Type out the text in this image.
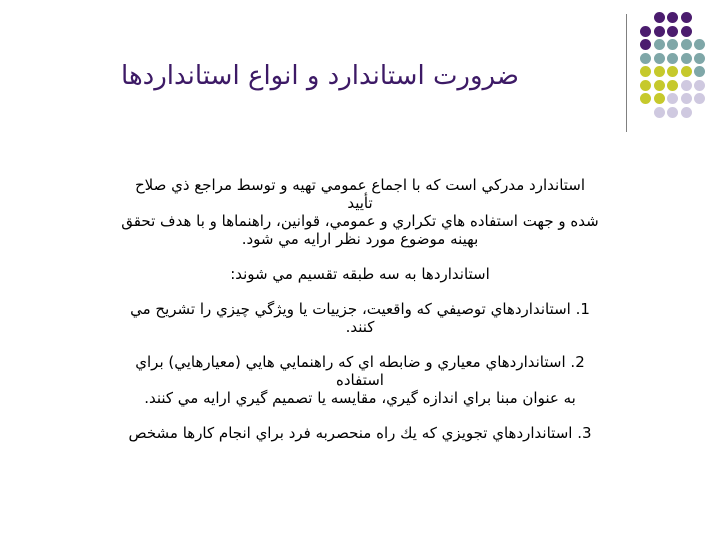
ضرورت استاندارد و انواع استانداردها

استاندارد مدركي است كه با اجماع عمومي تهيه و توسط مراجع ذي صلاح

تأييد

شده و جهت استفاده هاي تكراري و عمومي، قوانين، راهنماها و با هدف تحقق

بهينه موضوع مورد نظر ارايه مي شود.

استانداردها به سه طبقه تقسيم مي شوند:

1. استانداردهاي توصيفي كه واقعيت، جزييات يا ويژگي چيزي را تشريح مي

كنند.

2. استانداردهاي معياري و ضابطه اي كه راهنمايي هايي (معيارهايي) براي

استفاده

به عنوان مبنا براي اندازه گيري، مقايسه يا تصميم گيري ارايه مي كنند.

3. استانداردهاي تجويزي كه يك راه منحصربه فرد براي انجام كارها مشخص
